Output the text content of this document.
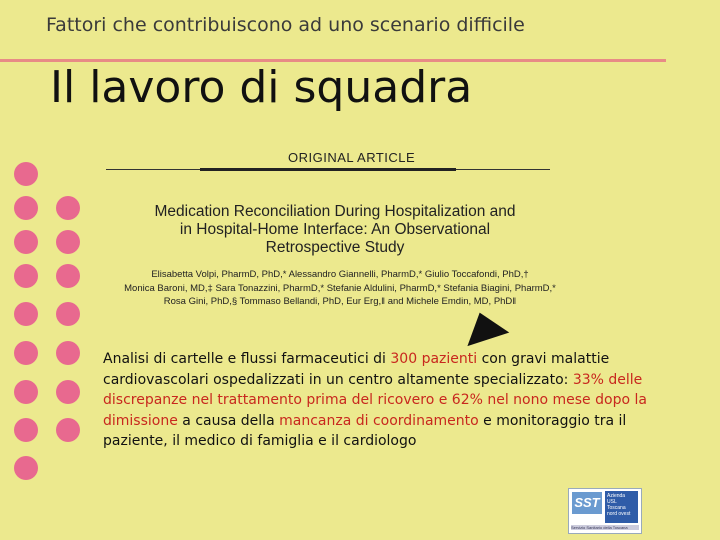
Fattori che contribuiscono ad uno scenario difficile
Il lavoro di squadra
ORIGINAL ARTICLE
Medication Reconciliation During Hospitalization and
in Hospital-Home Interface: An Observational
Retrospective Study
Elisabetta Volpi, PharmD, PhD,* Alessandro Giannelli, PharmD,* Giulio Toccafondi, PhD,†
Monica Baroni, MD,‡ Sara Tonazzini, PharmD,* Stefanie Aldulini, PharmD,* Stefania Biagini, PharmD,*
Rosa Gini, PhD,§ Tommaso Bellandi, PhD, Eur Erg,‖ and Michele Emdin, MD, PhD‖
Analisi di cartelle e flussi farmaceutici di 300 pazienti con gravi malattie cardiovascolari ospedalizzati in un centro altamente specializzato: 33% delle discrepanze nel trattamento prima del ricovero e 62% nel nono mese dopo la dimissione a causa della mancanza di coordinamento e monitoraggio tra il paziente, il medico di famiglia e il cardiologo
SST	Azienda
USL
Toscana
nord ovest
Servizio Sanitario della Toscana
